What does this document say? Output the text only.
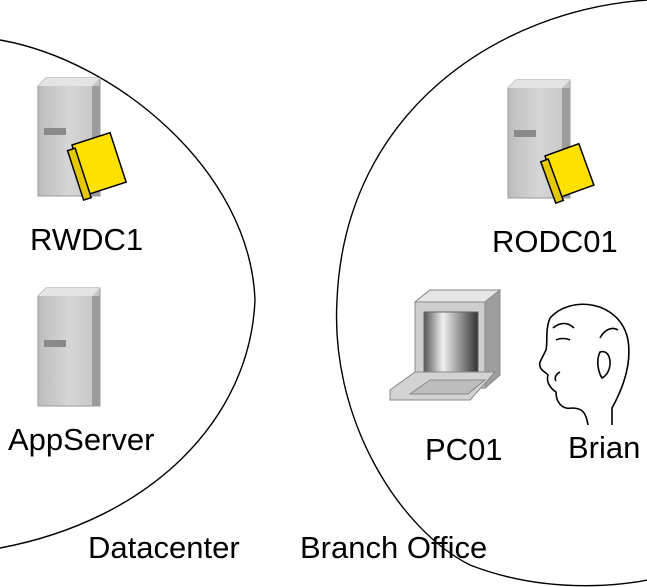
RWDC1
AppServer
Datacenter
RODC01
PC01 Brian
Branch Office
